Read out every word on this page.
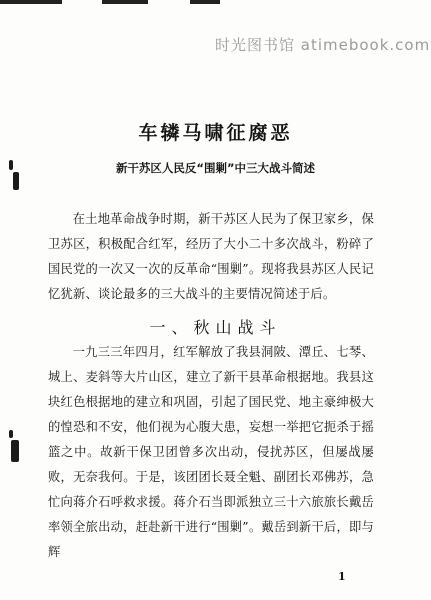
时光图书馆 atimebook.com
车辚马啸征腐恶
新干苏区人民反“围剿”中三大战斗简述

在土地革命战争时期，新干苏区人民为了保卫家乡，保卫苏区，积极配合红军，经历了大小二十多次战斗，粉碎了国民党的一次又一次的反革命“围剿”。现将我县苏区人民记忆犹新、谈论最多的三大战斗的主要情况简述于后。

一、秋山战斗

一九三三年四月，红军解放了我县洞陂、潭丘、七琴、城上、麦斜等大片山区，建立了新干县革命根据地。我县这块红色根据地的建立和巩固，引起了国民党、地主豪绅极大的惶恐和不安，他们视为心腹大患，妄想一举把它扼杀于摇篮之中。故新干保卫团曾多次出动，侵扰苏区，但屡战屡败，无奈我何。于是，该团团长聂全魁、副团长邓佛苏，急忙向蒋介石呼救求援。蒋介石当即派独立三十六旅旅长戴岳率领全旅出动，赶赴新干进行“围剿”。戴岳到新干后，即与辉

1
